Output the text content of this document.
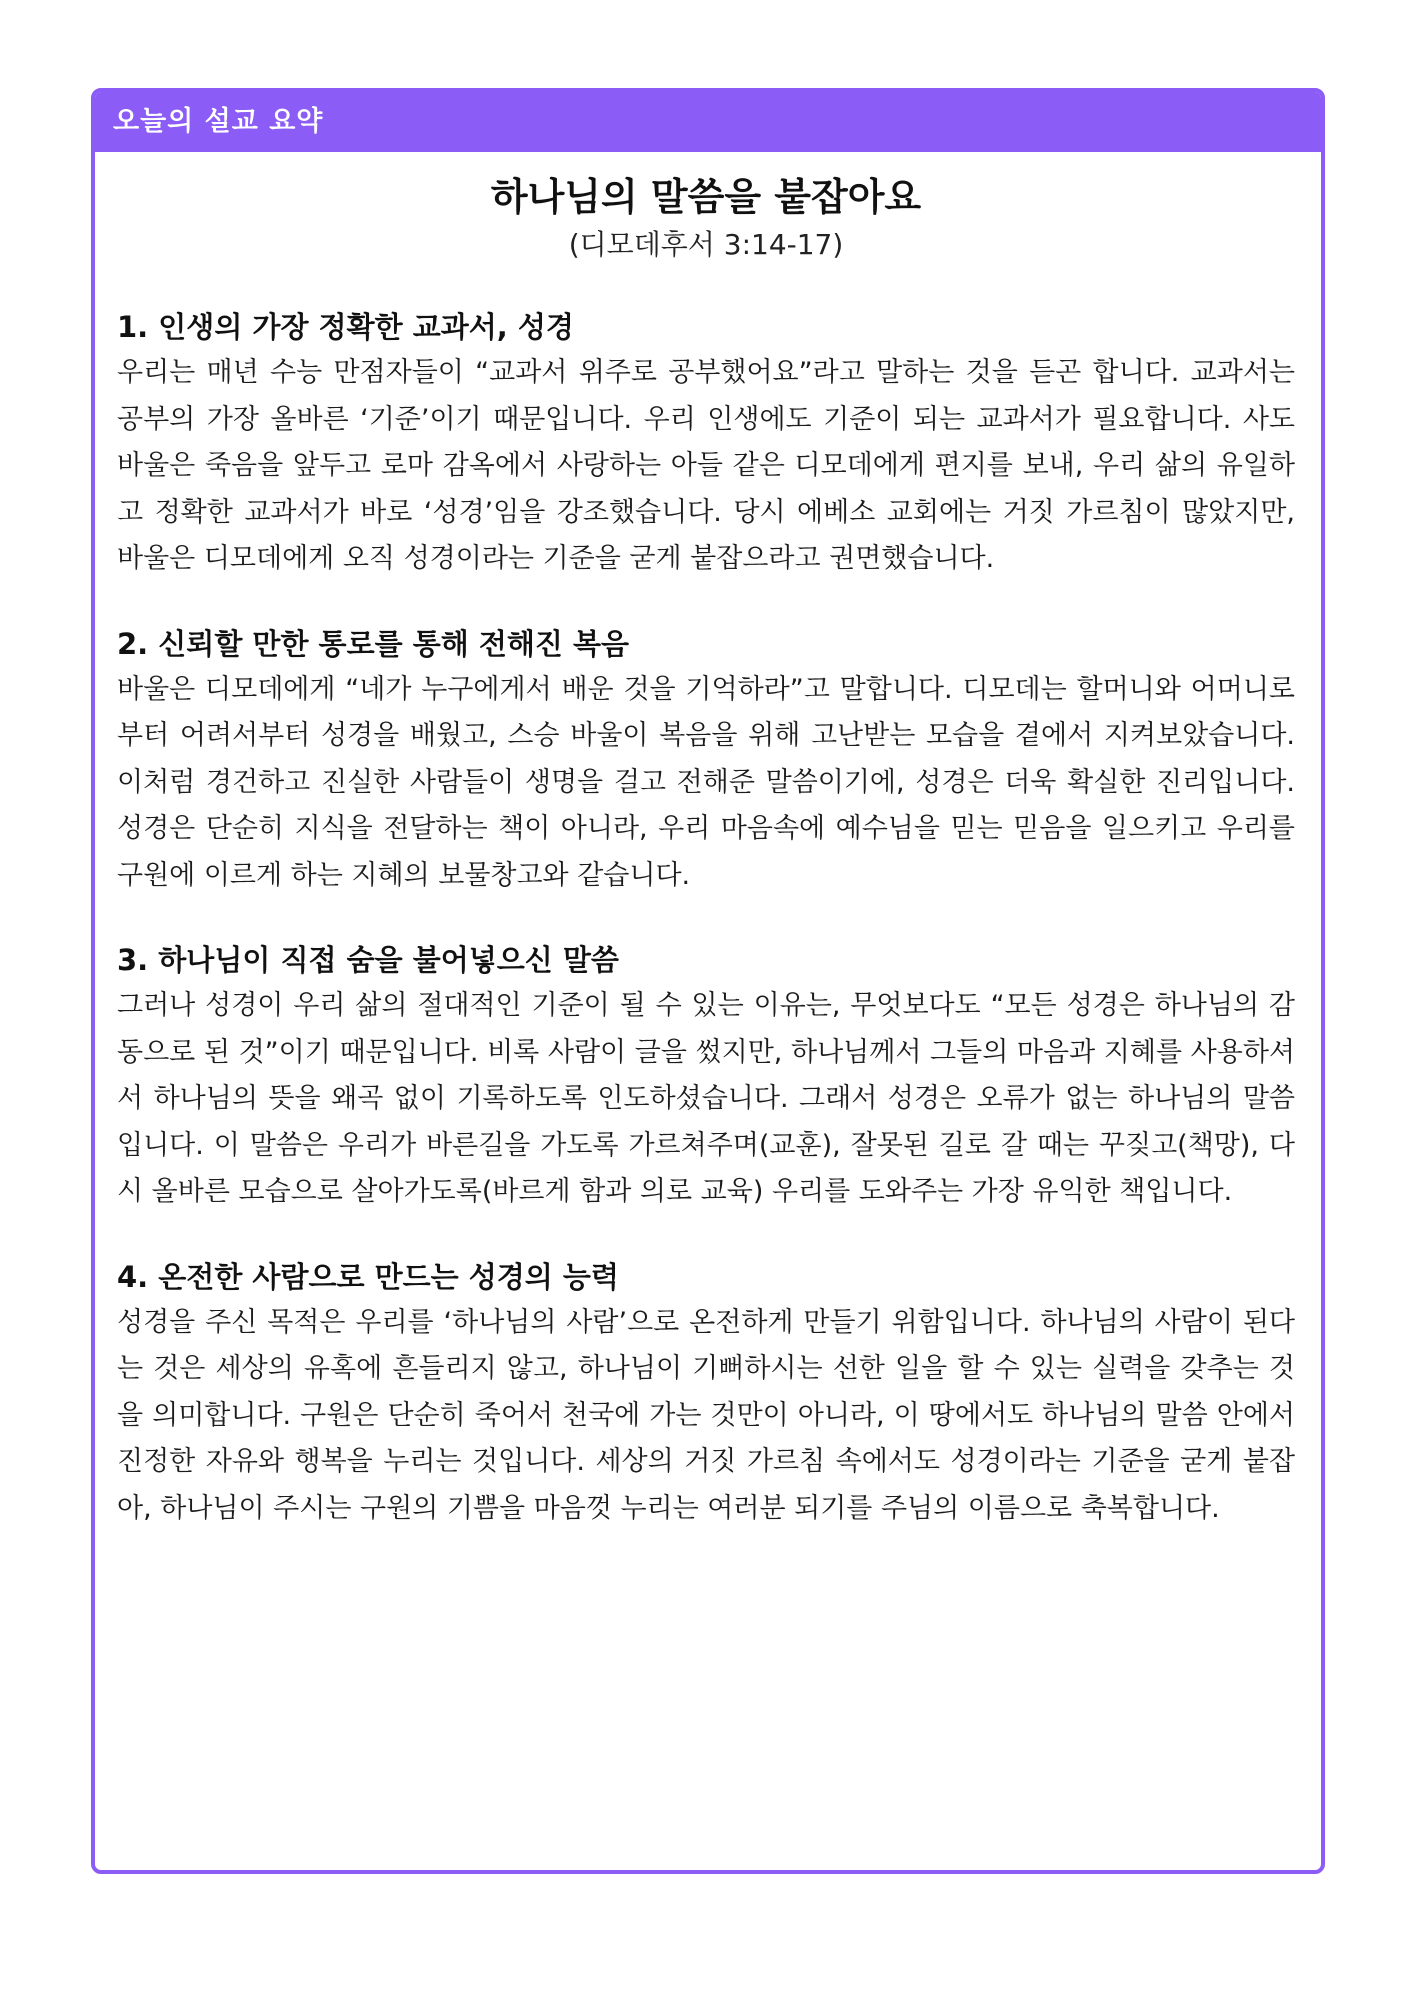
오늘의 설교 요약
하나님의 말씀을 붙잡아요
(디모데후서 3:14-17)
1. 인생의 가장 정확한 교과서, 성경

우리는 매년 수능 만점자들이 “교과서 위주로 공부했어요”라고 말하는 것을 듣곤 합니다. 교과서는 공부의 가장 올바른 ‘기준’이기 때문입니다. 우리 인생에도 기준이 되는 교과서가 필요합니다. 사도 바울은 죽음을 앞두고 로마 감옥에서 사랑하는 아들 같은 디모데에게 편지를 보내, 우리 삶의 유일하고 정확한 교과서가 바로 ‘성경’임을 강조했습니다. 당시 에베소 교회에는 거짓 가르침이 많았지만, 바울은 디모데에게 오직 성경이라는 기준을 굳게 붙잡으라고 권면했습니다.

2. 신뢰할 만한 통로를 통해 전해진 복음

바울은 디모데에게 “네가 누구에게서 배운 것을 기억하라”고 말합니다. 디모데는 할머니와 어머니로부터 어려서부터 성경을 배웠고, 스승 바울이 복음을 위해 고난받는 모습을 곁에서 지켜보았습니다. 이처럼 경건하고 진실한 사람들이 생명을 걸고 전해준 말씀이기에, 성경은 더욱 확실한 진리입니다. 성경은 단순히 지식을 전달하는 책이 아니라, 우리 마음속에 예수님을 믿는 믿음을 일으키고 우리를 구원에 이르게 하는 지혜의 보물창고와 같습니다.

3. 하나님이 직접 숨을 불어넣으신 말씀

그러나 성경이 우리 삶의 절대적인 기준이 될 수 있는 이유는, 무엇보다도 “모든 성경은 하나님의 감동으로 된 것”이기 때문입니다. 비록 사람이 글을 썼지만, 하나님께서 그들의 마음과 지혜를 사용하셔서 하나님의 뜻을 왜곡 없이 기록하도록 인도하셨습니다. 그래서 성경은 오류가 없는 하나님의 말씀입니다. 이 말씀은 우리가 바른길을 가도록 가르쳐주며(교훈), 잘못된 길로 갈 때는 꾸짖고(책망), 다시 올바른 모습으로 살아가도록(바르게 함과 의로 교육) 우리를 도와주는 가장 유익한 책입니다.

4. 온전한 사람으로 만드는 성경의 능력

성경을 주신 목적은 우리를 ‘하나님의 사람’으로 온전하게 만들기 위함입니다. 하나님의 사람이 된다는 것은 세상의 유혹에 흔들리지 않고, 하나님이 기뻐하시는 선한 일을 할 수 있는 실력을 갖추는 것을 의미합니다. 구원은 단순히 죽어서 천국에 가는 것만이 아니라, 이 땅에서도 하나님의 말씀 안에서 진정한 자유와 행복을 누리는 것입니다. 세상의 거짓 가르침 속에서도 성경이라는 기준을 굳게 붙잡아, 하나님이 주시는 구원의 기쁨을 마음껏 누리는 여러분 되기를 주님의 이름으로 축복합니다.
